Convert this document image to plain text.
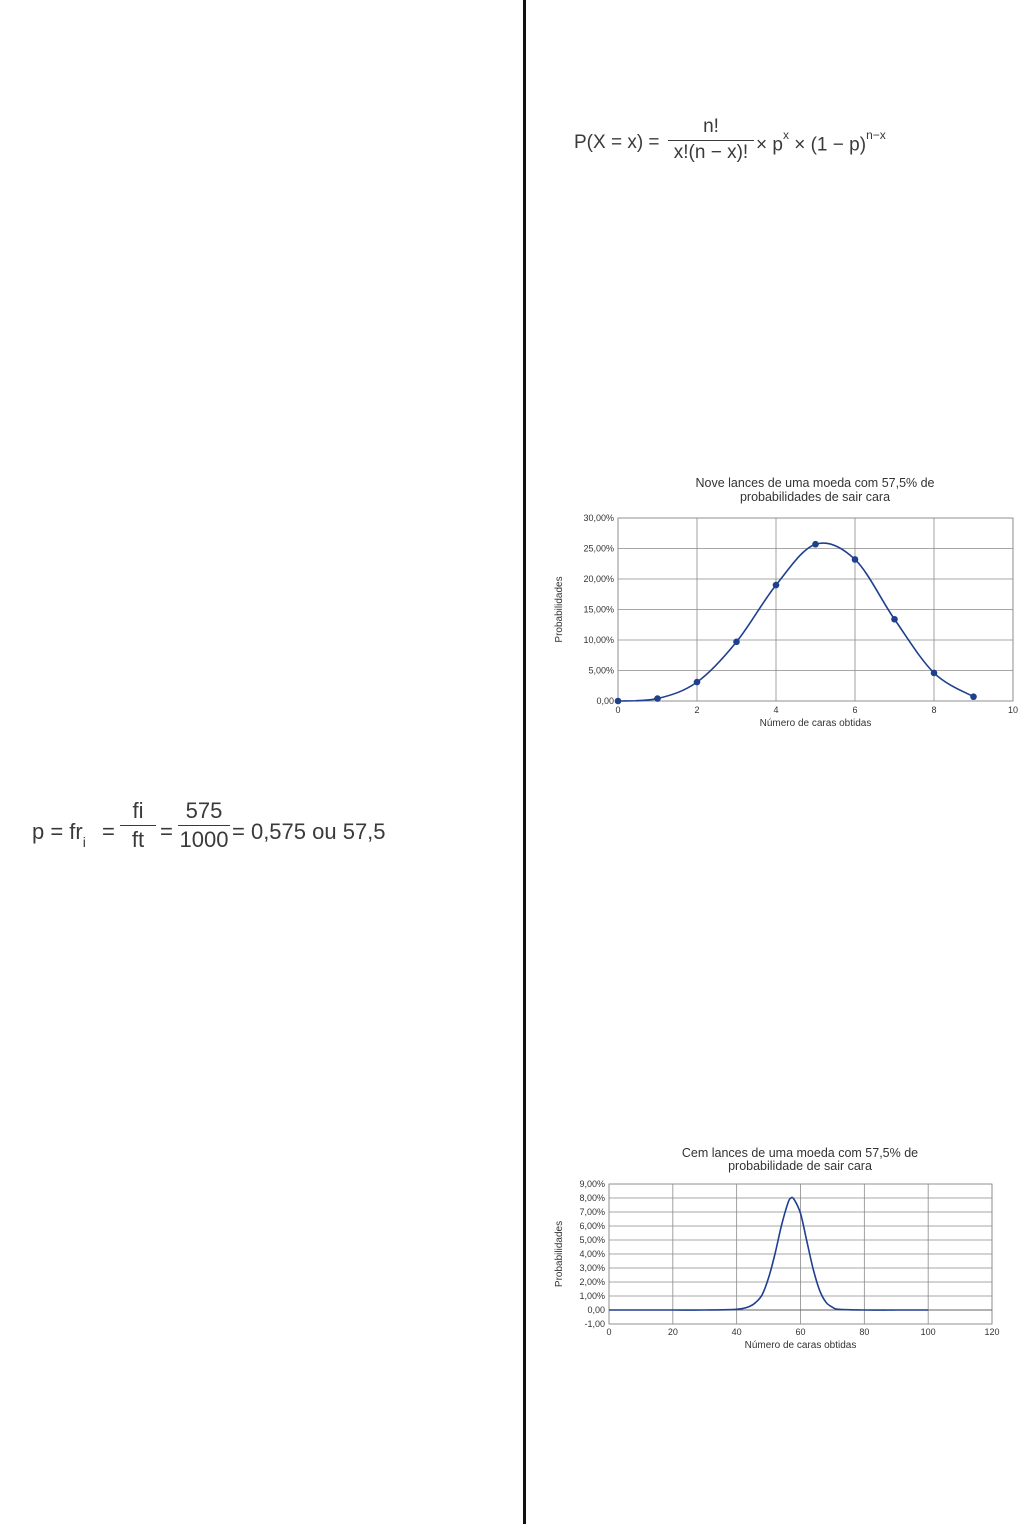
P(X = x) =
n!
x!(n − x)! × $p^x \times (1 - p)^{n-x}$
$p = fr_i$ =
fi
ft =
575
1000 = 0,575 ou 57,5
Nove lances de uma moeda com 57,5% de
probabilidades de sair cara
0,00
5,00%
10,00%
15,00%
20,00%
25,00%
30,00%
0	2	4	6	8	10
Número de caras obtidas
Probabilidades
Cem lances de uma moeda com 57,5% de
probabilidade de sair cara
-1,00
0,00
1,00%
2,00%
3,00%
4,00%
5,00%
6,00%
7,00%
8,00%
9,00%
0	20	40	60	80	100	120
Número de caras obtidas
Probabilidades
